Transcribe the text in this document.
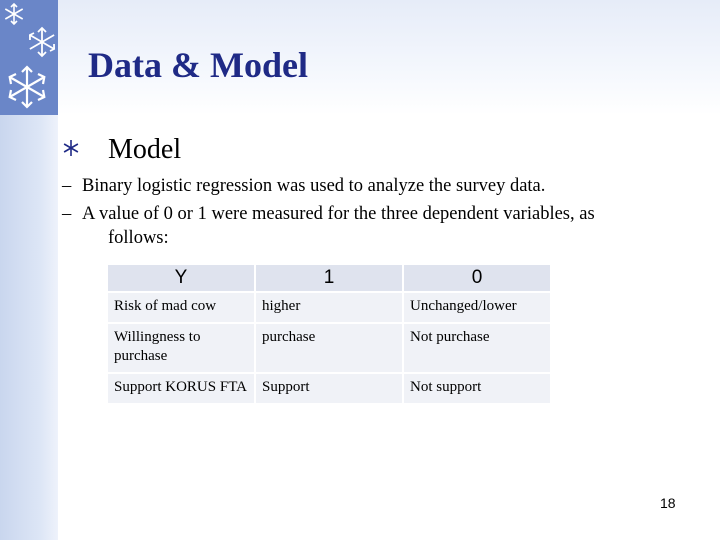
Data & Model
Model
– Binary logistic regression was used to analyze the survey data.
– A value of 0 or 1 were measured for the three dependent variables, as
follows:
Y	1	0
Risk of mad cow	higher	Unchanged/lower
Willingness to purchase	purchase	Not purchase
Support KORUS FTA	Support	Not support
18
